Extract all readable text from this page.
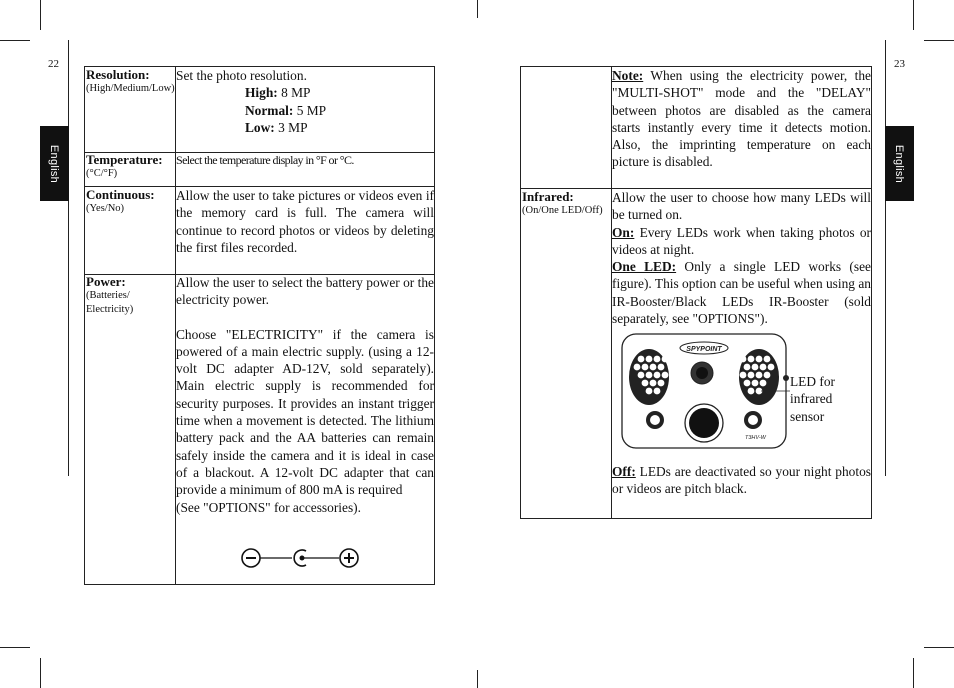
22	23
English	English
Resolution:
(High/Medium/Low)

Set the photo resolution.

High: 8 MP

Normal: 5 MP

Low: 3 MP

Temperature:
(°C/°F)

Select the temperature display in °F or °C.

Continuous:
(Yes/No)

Allow the user to take pictures or videos even if the memory card is full. The camera will continue to record photos or videos by deleting the first files recorded.

Power:
(Batteries/ Electricity)

Allow the user to select the battery power or the electricity power.

Choose "ELECTRICITY" if the camera is powered of a main electric supply. (using a 12-volt DC adapter AD-12V, sold separately). Main electric supply is recommended for security purposes. It provides an instant trigger time when a movement is detected. The lithium battery pack and the AA batteries can remain safely inside the camera and it is ideal in case of a blackout. A 12-volt DC adapter that can provide a minimum of 800 mA is required

(See "OPTIONS" for accessories).

Note: When using the electricity power, the "MULTI-SHOT" mode and the "DELAY" between photos are disabled as the camera starts instantly every time it detects motion. Also, the imprinting temperature on each picture is disabled.

Infrared:
(On/One LED/Off)

Allow the user to choose how many LEDs will be turned on.

On: Every LEDs work when taking photos or videos at night.

One LED: Only a single LED works (see figure). This option can be useful when using an IR-Booster/Black LEDs IR-Booster (sold separately, see "OPTIONS").

SPYPOINT
T3HV-W
LED for infrared sensor

Off: LEDs are deactivated so your night photos or videos are pitch black.
